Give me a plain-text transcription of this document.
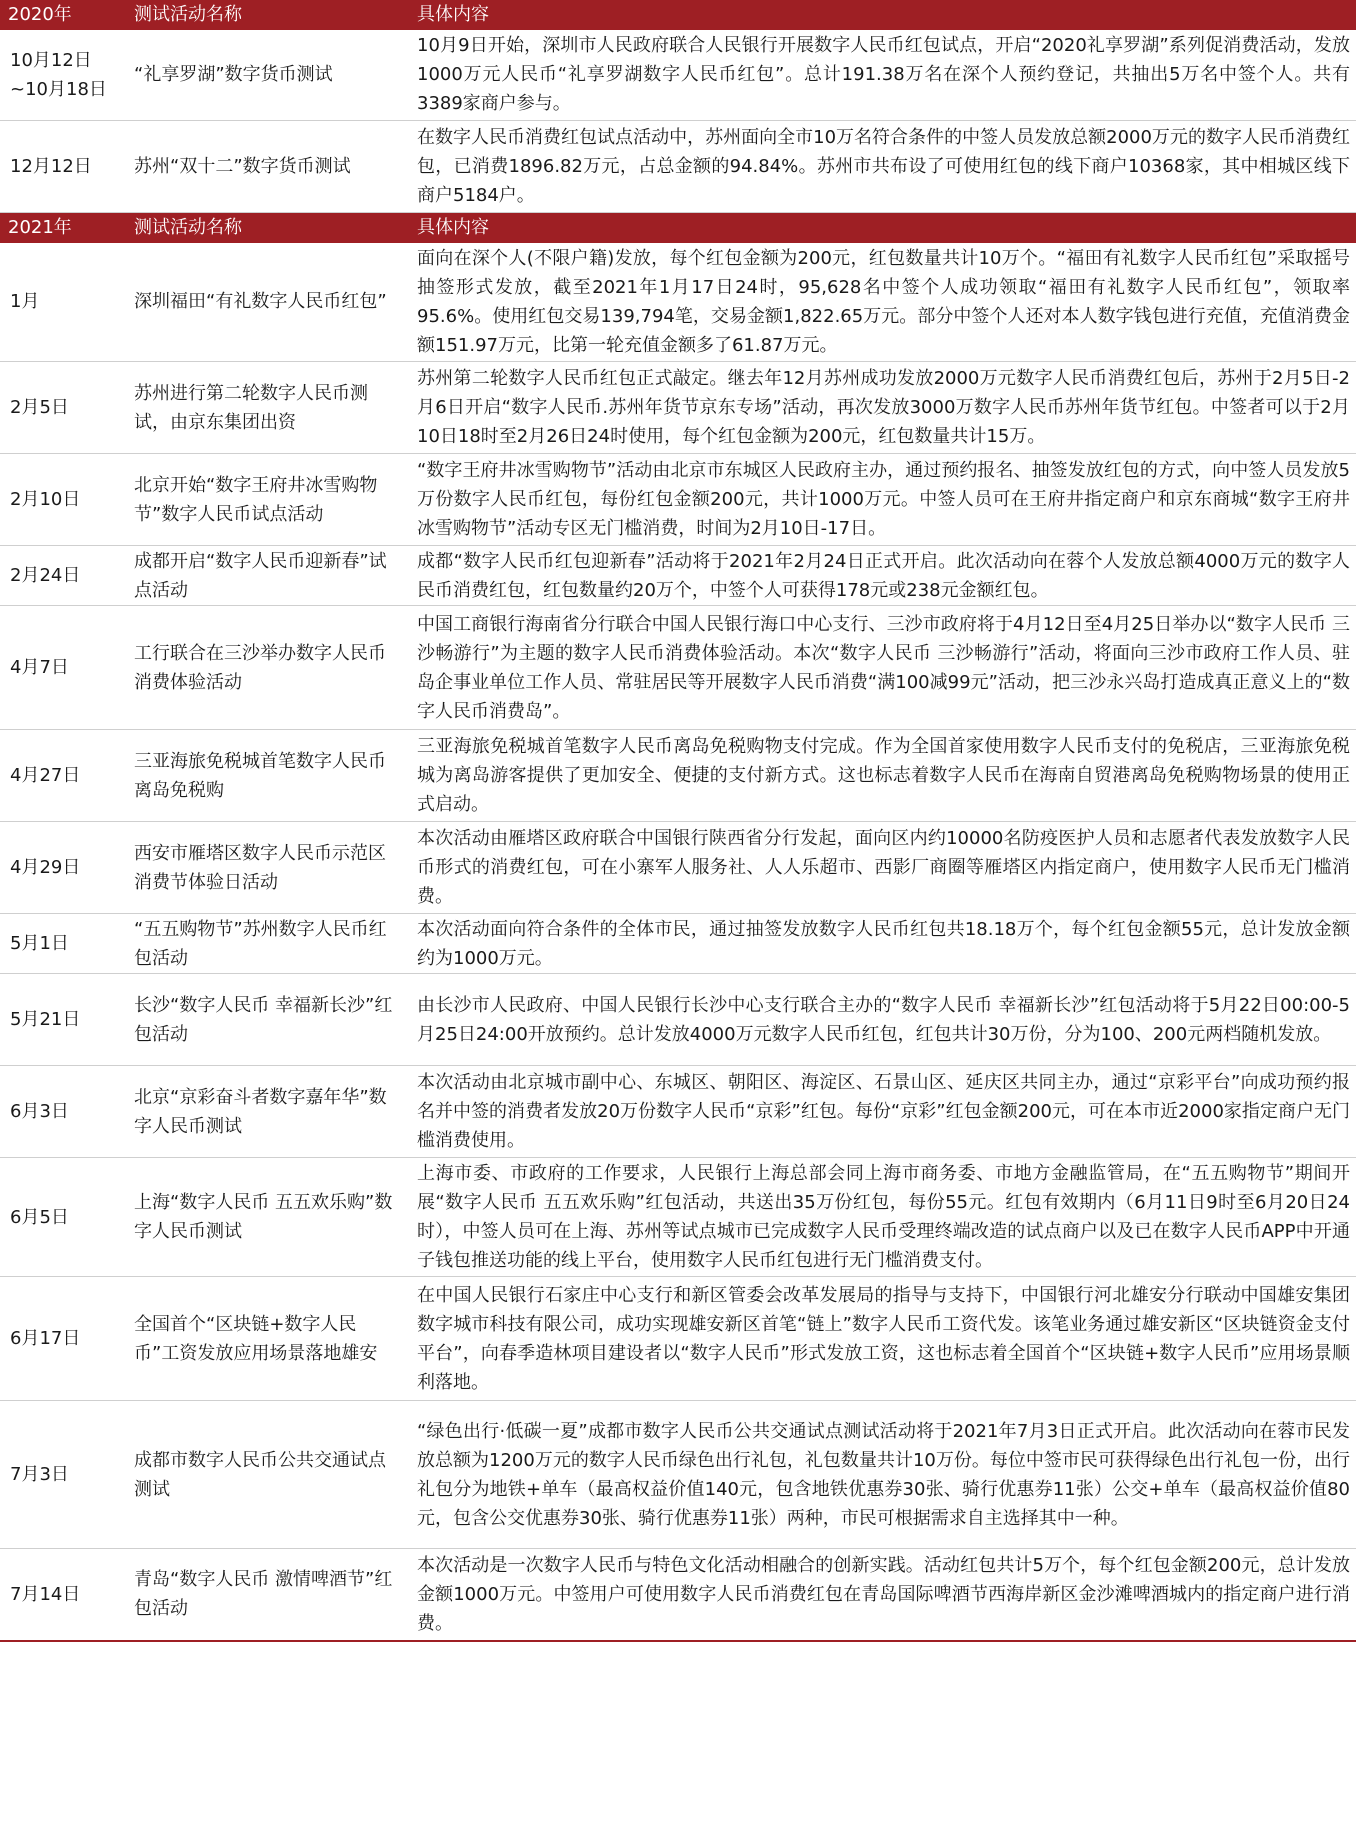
2020年	测试活动名称	具体内容
10月12日~10月18日	“礼享罗湖”数字货币测试	10月9日开始，深圳市人民政府联合人民银行开展数字人民币红包试点，开启“2020礼享罗湖”系列促消费活动，发放1000万元人民币“礼享罗湖数字人民币红包”。总计191.38万名在深个人预约登记，共抽出5万名中签个人。共有3389家商户参与。
12月12日	苏州“双十二”数字货币测试	在数字人民币消费红包试点活动中，苏州面向全市10万名符合条件的中签人员发放总额2000万元的数字人民币消费红包，已消费1896.82万元，占总金额的94.84%。苏州市共布设了可使用红包的线下商户10368家，其中相城区线下商户5184户。
2021年	测试活动名称	具体内容
1月	深圳福田“有礼数字人民币红包”	面向在深个人(不限户籍)发放，每个红包金额为200元，红包数量共计10万个。“福田有礼数字人民币红包”采取摇号抽签形式发放，截至2021年1月17日24时，95,628名中签个人成功领取“福田有礼数字人民币红包”，领取率95.6%。使用红包交易139,794笔，交易金额1,822.65万元。部分中签个人还对本人数字钱包进行充值，充值消费金额151.97万元，比第一轮充值金额多了61.87万元。
2月5日	苏州进行第二轮数字人民币测试，由京东集团出资	苏州第二轮数字人民币红包正式敲定。继去年12月苏州成功发放2000万元数字人民币消费红包后，苏州于2月5日-2月6日开启“数字人民币.苏州年货节京东专场”活动，再次发放3000万数字人民币苏州年货节红包。中签者可以于2月10日18时至2月26日24时使用，每个红包金额为200元，红包数量共计15万。
2月10日	北京开始“数字王府井冰雪购物节”数字人民币试点活动	“数字王府井冰雪购物节”活动由北京市东城区人民政府主办，通过预约报名、抽签发放红包的方式，向中签人员发放5万份数字人民币红包，每份红包金额200元，共计1000万元。中签人员可在王府井指定商户和京东商城“数字王府井冰雪购物节”活动专区无门槛消费，时间为2月10日-17日。
2月24日	成都开启“数字人民币迎新春”试点活动	成都“数字人民币红包迎新春”活动将于2021年2月24日正式开启。此次活动向在蓉个人发放总额4000万元的数字人民币消费红包，红包数量约20万个，中签个人可获得178元或238元金额红包。
4月7日	工行联合在三沙举办数字人民币消费体验活动	中国工商银行海南省分行联合中国人民银行海口中心支行、三沙市政府将于4月12日至4月25日举办以“数字人民币 三沙畅游行”为主题的数字人民币消费体验活动。本次“数字人民币 三沙畅游行”活动，将面向三沙市政府工作人员、驻岛企事业单位工作人员、常驻居民等开展数字人民币消费“满100减99元”活动，把三沙永兴岛打造成真正意义上的“数字人民币消费岛”。
4月27日	三亚海旅免税城首笔数字人民币离岛免税购	三亚海旅免税城首笔数字人民币离岛免税购物支付完成。作为全国首家使用数字人民币支付的免税店，三亚海旅免税城为离岛游客提供了更加安全、便捷的支付新方式。这也标志着数字人民币在海南自贸港离岛免税购物场景的使用正式启动。
4月29日	西安市雁塔区数字人民币示范区消费节体验日活动	本次活动由雁塔区政府联合中国银行陕西省分行发起，面向区内约10000名防疫医护人员和志愿者代表发放数字人民币形式的消费红包，可在小寨军人服务社、人人乐超市、西影厂商圈等雁塔区内指定商户，使用数字人民币无门槛消费。
5月1日	“五五购物节”苏州数字人民币红包活动	本次活动面向符合条件的全体市民，通过抽签发放数字人民币红包共18.18万个，每个红包金额55元，总计发放金额约为1000万元。
5月21日	长沙“数字人民币 幸福新长沙”红包活动	由长沙市人民政府、中国人民银行长沙中心支行联合主办的“数字人民币 幸福新长沙”红包活动将于5月22日00:00-5月25日24:00开放预约。总计发放4000万元数字人民币红包，红包共计30万份，分为100、200元两档随机发放。
6月3日	北京“京彩奋斗者数字嘉年华”数字人民币测试	本次活动由北京城市副中心、东城区、朝阳区、海淀区、石景山区、延庆区共同主办，通过“京彩平台”向成功预约报名并中签的消费者发放20万份数字人民币“京彩”红包。每份“京彩”红包金额200元，可在本市近2000家指定商户无门槛消费使用。
6月5日	上海“数字人民币 五五欢乐购”数字人民币测试	上海市委、市政府的工作要求，人民银行上海总部会同上海市商务委、市地方金融监管局，在“五五购物节”期间开展“数字人民币 五五欢乐购”红包活动，共送出35万份红包，每份55元。红包有效期内（6月11日9时至6月20日24时），中签人员可在上海、苏州等试点城市已完成数字人民币受理终端改造的试点商户以及已在数字人民币APP中开通子钱包推送功能的线上平台，使用数字人民币红包进行无门槛消费支付。
6月17日	全国首个“区块链+数字人民币”工资发放应用场景落地雄安	在中国人民银行石家庄中心支行和新区管委会改革发展局的指导与支持下，中国银行河北雄安分行联动中国雄安集团数字城市科技有限公司，成功实现雄安新区首笔“链上”数字人民币工资代发。该笔业务通过雄安新区“区块链资金支付平台”，向春季造林项目建设者以“数字人民币”形式发放工资，这也标志着全国首个“区块链+数字人民币”应用场景顺利落地。
7月3日	成都市数字人民币公共交通试点测试	“绿色出行·低碳一夏”成都市数字人民币公共交通试点测试活动将于2021年7月3日正式开启。此次活动向在蓉市民发放总额为1200万元的数字人民币绿色出行礼包，礼包数量共计10万份。每位中签市民可获得绿色出行礼包一份，出行礼包分为地铁+单车（最高权益价值140元，包含地铁优惠券30张、骑行优惠券11张）公交+单车（最高权益价值80元，包含公交优惠券30张、骑行优惠券11张）两种，市民可根据需求自主选择其中一种。
7月14日	青岛“数字人民币 激情啤酒节”红包活动	本次活动是一次数字人民币与特色文化活动相融合的创新实践。活动红包共计5万个，每个红包金额200元，总计发放金额1000万元。中签用户可使用数字人民币消费红包在青岛国际啤酒节西海岸新区金沙滩啤酒城内的指定商户进行消费。
